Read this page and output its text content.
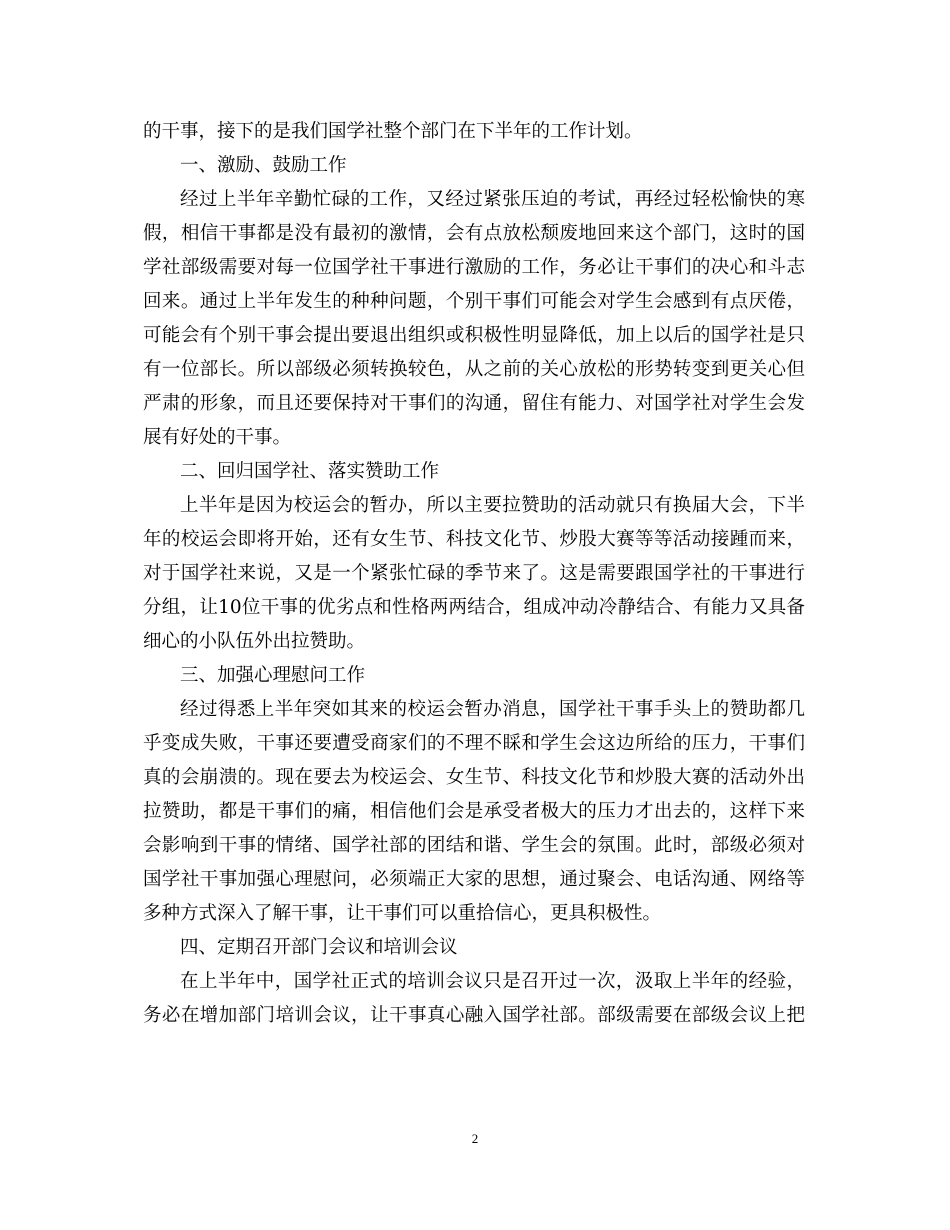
的干事，接下的是我们国学社整个部门在下半年的工作计划。
一、激励、鼓励工作
经过上半年辛勤忙碌的工作，又经过紧张压迫的考试，再经过轻松愉快的寒
假，相信干事都是没有最初的激情，会有点放松颓废地回来这个部门，这时的国
学社部级需要对每一位国学社干事进行激励的工作，务必让干事们的决心和斗志
回来。通过上半年发生的种种问题，个别干事们可能会对学生会感到有点厌倦，
可能会有个别干事会提出要退出组织或积极性明显降低，加上以后的国学社是只
有一位部长。所以部级必须转换较色，从之前的关心放松的形势转变到更关心但
严肃的形象，而且还要保持对干事们的沟通，留住有能力、对国学社对学生会发
展有好处的干事。
二、回归国学社、落实赞助工作
上半年是因为校运会的暂办，所以主要拉赞助的活动就只有换届大会，下半
年的校运会即将开始，还有女生节、科技文化节、炒股大赛等等活动接踵而来，
对于国学社来说，又是一个紧张忙碌的季节来了。这是需要跟国学社的干事进行
分组，让10位干事的优劣点和性格两两结合，组成冲动冷静结合、有能力又具备
细心的小队伍外出拉赞助。
三、加强心理慰问工作
经过得悉上半年突如其来的校运会暂办消息，国学社干事手头上的赞助都几
乎变成失败，干事还要遭受商家们的不理不睬和学生会这边所给的压力，干事们
真的会崩溃的。现在要去为校运会、女生节、科技文化节和炒股大赛的活动外出
拉赞助，都是干事们的痛，相信他们会是承受者极大的压力才出去的，这样下来
会影响到干事的情绪、国学社部的团结和谐、学生会的氛围。此时，部级必须对
国学社干事加强心理慰问，必须端正大家的思想，通过聚会、电话沟通、网络等
多种方式深入了解干事，让干事们可以重拾信心，更具积极性。
四、定期召开部门会议和培训会议
在上半年中，国学社正式的培训会议只是召开过一次，汲取上半年的经验，
务必在增加部门培训会议，让干事真心融入国学社部。部级需要在部级会议上把
2
